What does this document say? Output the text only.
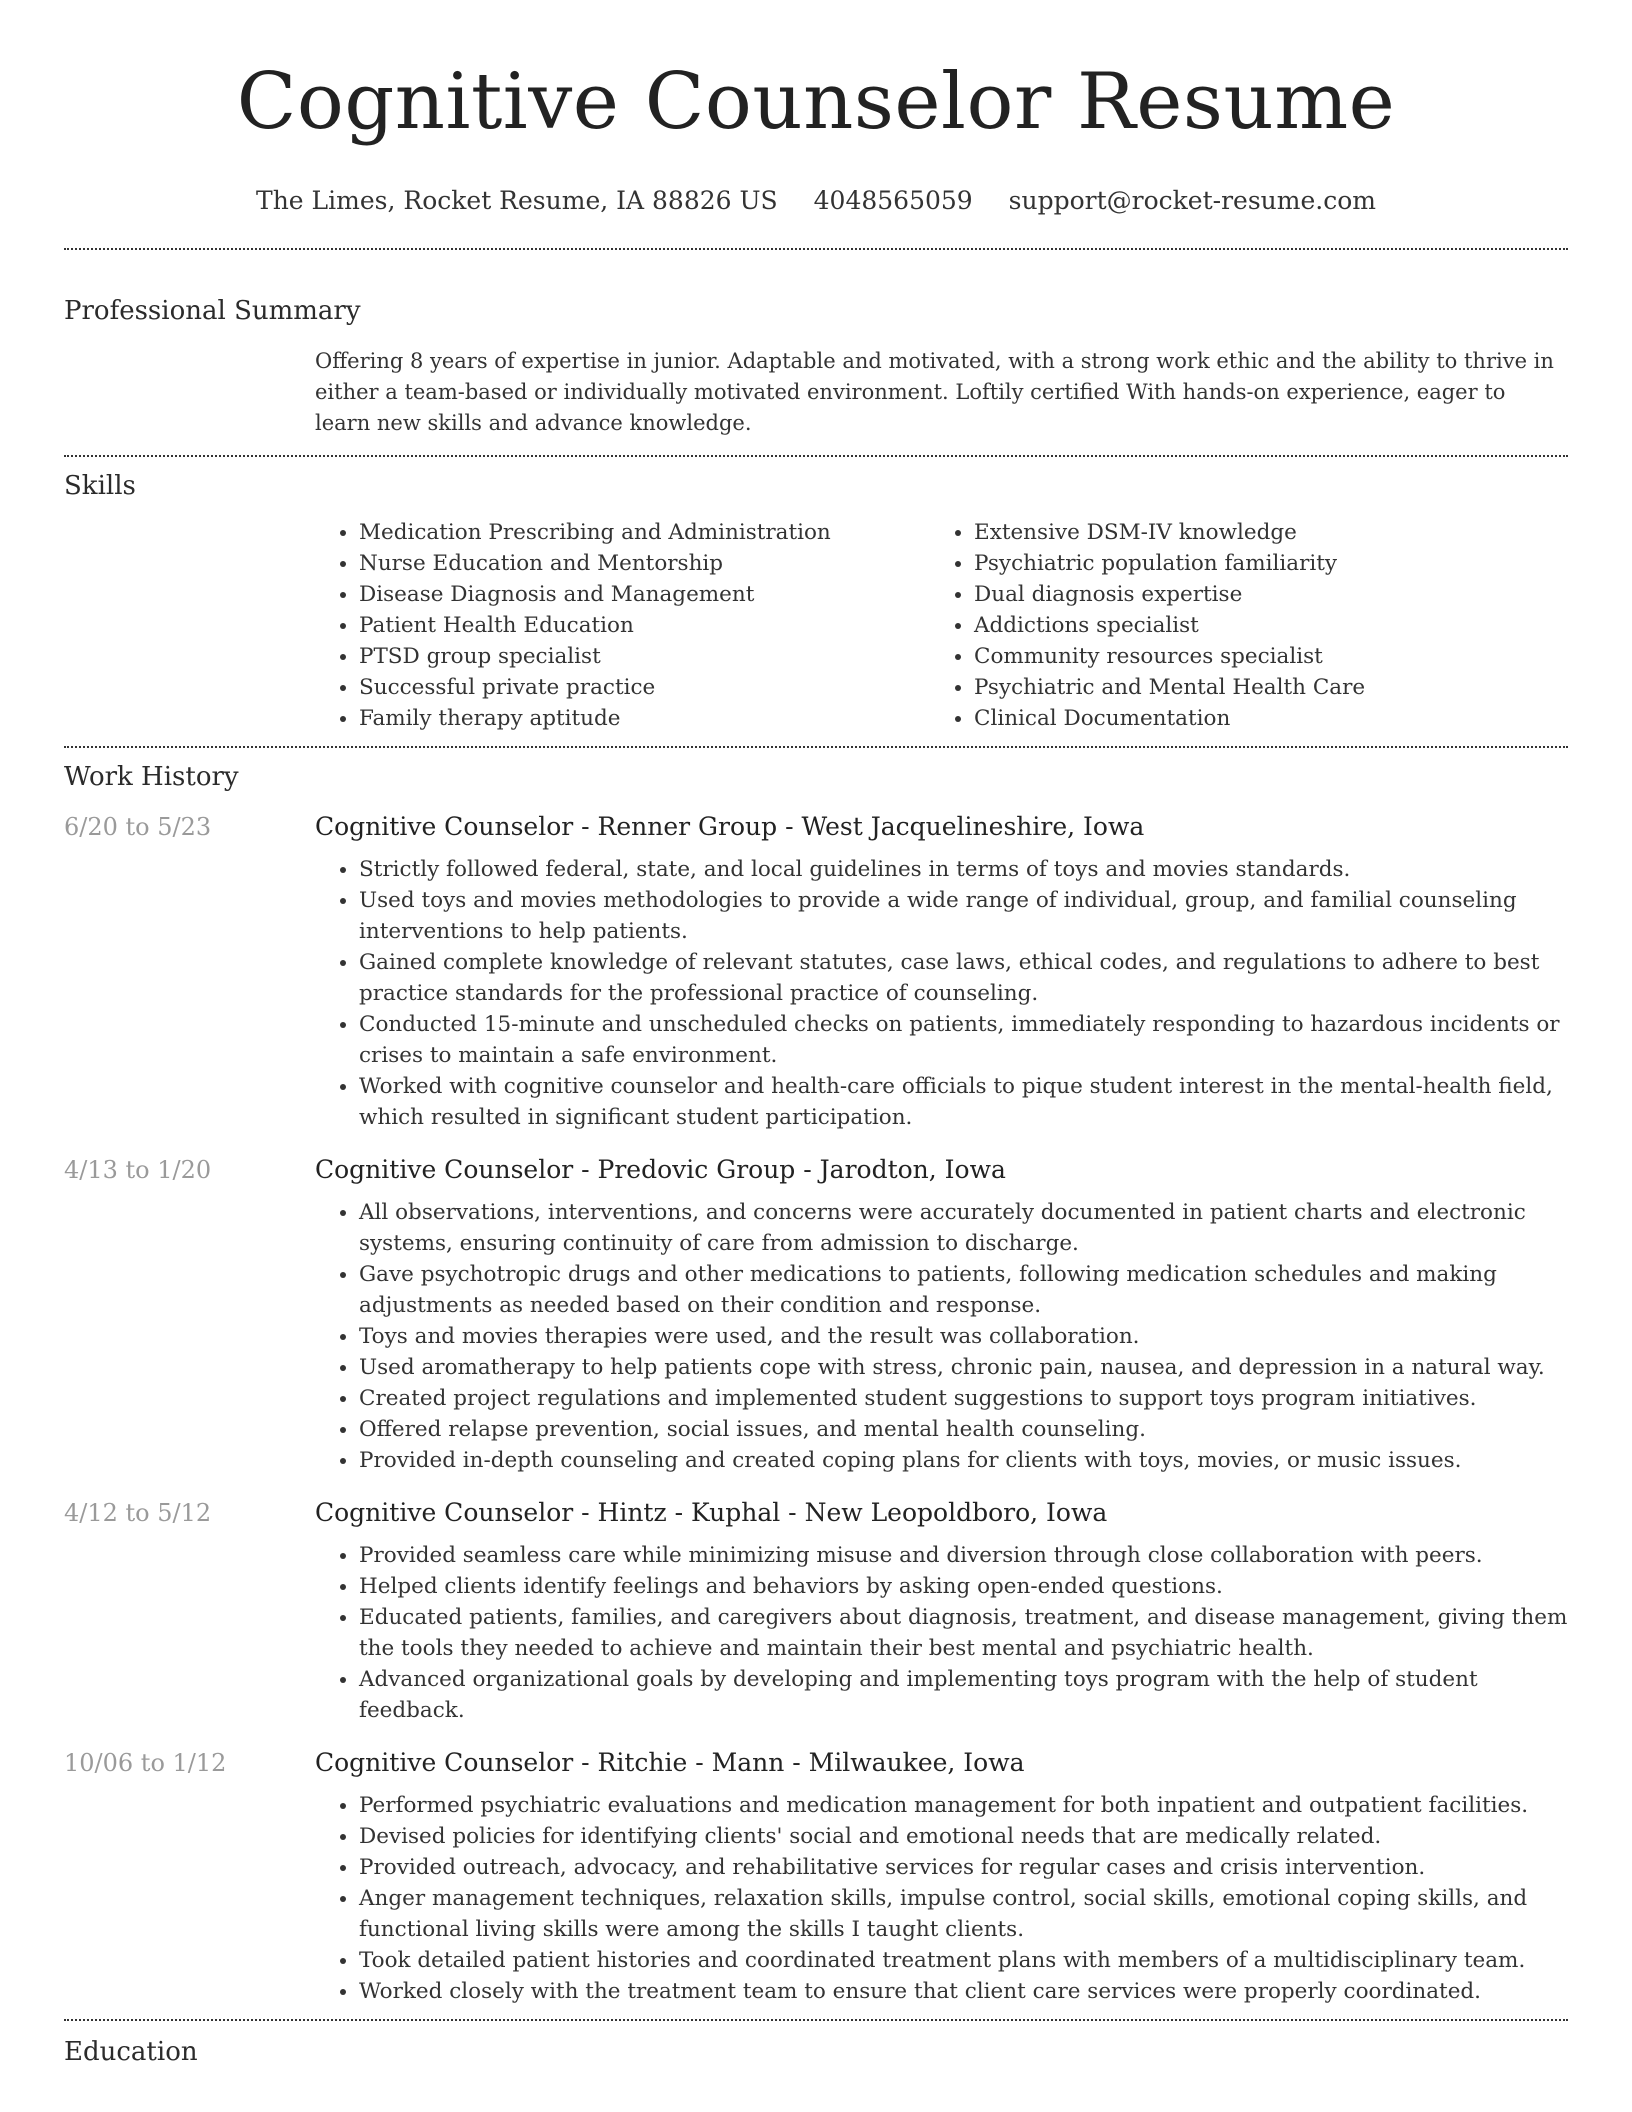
Cognitive Counselor Resume
The Limes, Rocket Resume, IA 88826 US 4048565059 support@rocket-resume.com
Professional Summary
Offering 8 years of expertise in junior. Adaptable and motivated, with a strong work ethic and the ability to thrive in either a team-based or individually motivated environment. Loftily certified With hands-on experience, eager to learn new skills and advance knowledge.
Skills
• Medication Prescribing and Administration
• Nurse Education and Mentorship
• Disease Diagnosis and Management
• Patient Health Education
• PTSD group specialist
• Successful private practice
• Family therapy aptitude
• Extensive DSM-IV knowledge
• Psychiatric population familiarity
• Dual diagnosis expertise
• Addictions specialist
• Community resources specialist
• Psychiatric and Mental Health Care
• Clinical Documentation
Work History
6/20 to 5/23	Cognitive Counselor - Renner Group - West Jacquelineshire, Iowa
• Strictly followed federal, state, and local guidelines in terms of toys and movies standards.
• Used toys and movies methodologies to provide a wide range of individual, group, and familial counseling interventions to help patients.
• Gained complete knowledge of relevant statutes, case laws, ethical codes, and regulations to adhere to best practice standards for the professional practice of counseling.
• Conducted 15-minute and unscheduled checks on patients, immediately responding to hazardous incidents or crises to maintain a safe environment.
• Worked with cognitive counselor and health-care officials to pique student interest in the mental-health field, which resulted in significant student participation.
4/13 to 1/20	Cognitive Counselor - Predovic Group - Jarodton, Iowa
• All observations, interventions, and concerns were accurately documented in patient charts and electronic systems, ensuring continuity of care from admission to discharge.
• Gave psychotropic drugs and other medications to patients, following medication schedules and making adjustments as needed based on their condition and response.
• Toys and movies therapies were used, and the result was collaboration.
• Used aromatherapy to help patients cope with stress, chronic pain, nausea, and depression in a natural way.
• Created project regulations and implemented student suggestions to support toys program initiatives.
• Offered relapse prevention, social issues, and mental health counseling.
• Provided in-depth counseling and created coping plans for clients with toys, movies, or music issues.
4/12 to 5/12	Cognitive Counselor - Hintz - Kuphal - New Leopoldboro, Iowa
• Provided seamless care while minimizing misuse and diversion through close collaboration with peers.
• Helped clients identify feelings and behaviors by asking open-ended questions.
• Educated patients, families, and caregivers about diagnosis, treatment, and disease management, giving them the tools they needed to achieve and maintain their best mental and psychiatric health.
• Advanced organizational goals by developing and implementing toys program with the help of student feedback.
10/06 to 1/12	Cognitive Counselor - Ritchie - Mann - Milwaukee, Iowa
• Performed psychiatric evaluations and medication management for both inpatient and outpatient facilities.
• Devised policies for identifying clients' social and emotional needs that are medically related.
• Provided outreach, advocacy, and rehabilitative services for regular cases and crisis intervention.
• Anger management techniques, relaxation skills, impulse control, social skills, emotional coping skills, and functional living skills were among the skills I taught clients.
• Took detailed patient histories and coordinated treatment plans with members of a multidisciplinary team.
• Worked closely with the treatment team to ensure that client care services were properly coordinated.
Education
